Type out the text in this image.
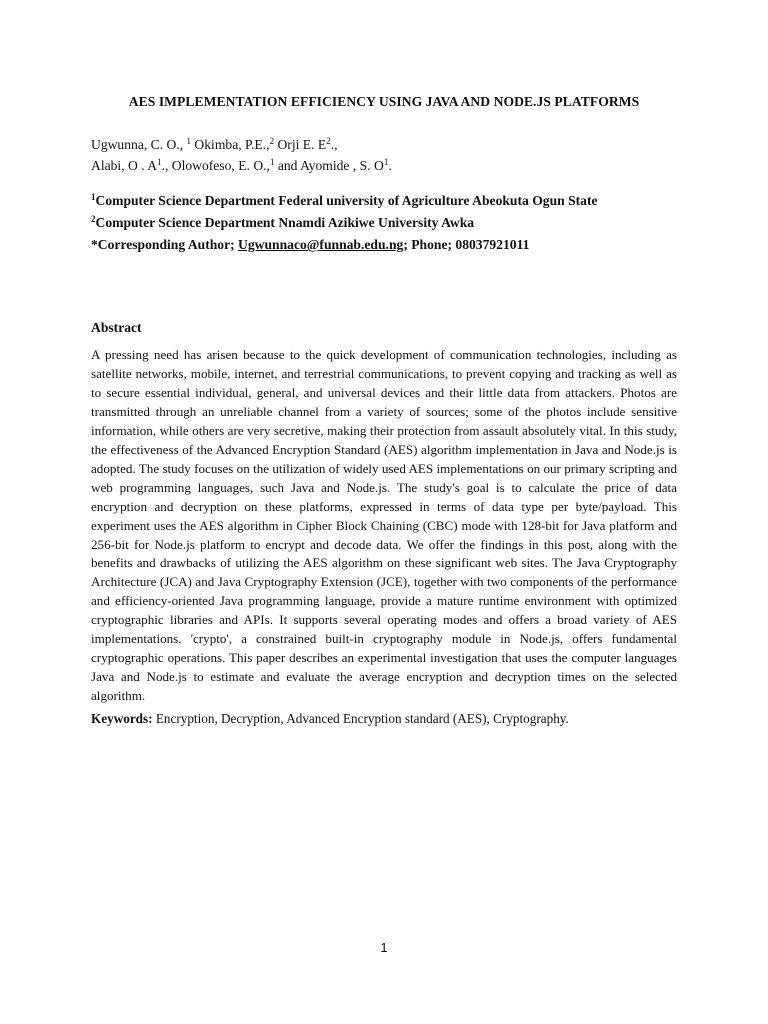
AES IMPLEMENTATION EFFICIENCY USING JAVA AND NODE.JS PLATFORMS
Ugwunna, C. O., $^1$ Okimba, P.E.,$^2$ Orji E. $E^2$.,
Alabi, O . $A^1$., Olowofeso, E. O.,$^1$ and Ayomide , S. $O^1$.
$^1$Computer Science Department Federal university of Agriculture Abeokuta Ogun State
$^2$Computer Science Department Nnamdi Azikiwe University Awka
*Corresponding Author; Ugwunnaco@funnab.edu.ng; Phone; 08037921011
Abstract
A pressing need has arisen because to the quick development of communication technologies, including as satellite networks, mobile, internet, and terrestrial communications, to prevent copying and tracking as well as to secure essential individual, general, and universal devices and their little data from attackers. Photos are transmitted through an unreliable channel from a variety of sources; some of the photos include sensitive information, while others are very secretive, making their protection from assault absolutely vital. In this study, the effectiveness of the Advanced Encryption Standard (AES) algorithm implementation in Java and Node.js is adopted. The study focuses on the utilization of widely used AES implementations on our primary scripting and web programming languages, such Java and Node.js. The study's goal is to calculate the price of data encryption and decryption on these platforms, expressed in terms of data type per byte/payload. This experiment uses the AES algorithm in Cipher Block Chaining (CBC) mode with 128-bit for Java platform and 256-bit for Node.js platform to encrypt and decode data. We offer the findings in this post, along with the benefits and drawbacks of utilizing the AES algorithm on these significant web sites. The Java Cryptography Architecture (JCA) and Java Cryptography Extension (JCE), together with two components of the performance and efficiency-oriented Java programming language, provide a mature runtime environment with optimized cryptographic libraries and APIs. It supports several operating modes and offers a broad variety of AES implementations. 'crypto', a constrained built-in cryptography module in Node.js, offers fundamental cryptographic operations. This paper describes an experimental investigation that uses the computer languages Java and Node.js to estimate and evaluate the average encryption and decryption times on the selected algorithm.
Keywords: Encryption, Decryption, Advanced Encryption standard (AES), Cryptography.
1
